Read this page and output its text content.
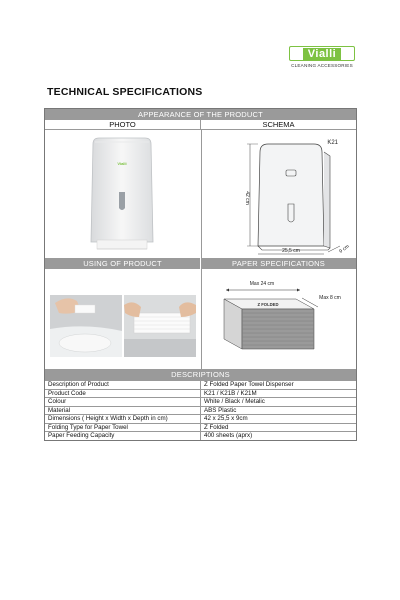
Vialli
CLEANING ACCESSORIES
TECHNICAL SPECIFICATIONS
APPEARANCE OF THE PRODUCT
PHOTO	SCHEMA
Vialli
K21
42 cm
25,5 cm	9 cm
USING OF PRODUCT	PAPER SPECIFICATIONS
Max 24 cm
Z FOLDED
Max 8 cm
DESCRIPTIONS
Description of Product	Z Folded Paper Towel Dispenser
Product Code	K21 / K21B / K21M
Colour	White / Black / Metalic
Material	ABS Plastic
Dimensions ( Height x Width x Depth in cm)	42 x 25,5 x 9cm
Folding Type for Paper Towel	Z Folded
Paper Feeding Capacity	400 sheets (aprx)
